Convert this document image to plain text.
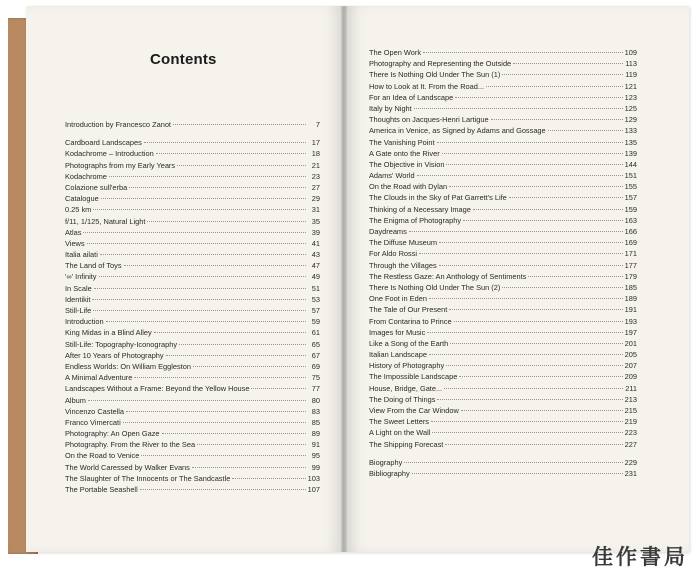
Contents
Introduction by Francesco Zanot	7
Cardboard Landscapes	17
Kodachrome – Introduction	18
Photographs from my Early Years	21
Kodachrome	23
Colazione sull'erba	27
Catalogue	29
0.25 km	31
f/11, 1/125, Natural Light	35
Atlas	39
Views	41
Italia ailati	43
The Land of Toys	47
'∞' Infinity	49
In Scale	51
Identikit	53
Still-Life	57
Introduction	59
King Midas in a Blind Alley	61
Still-Life: Topography-Iconography	65
After 10 Years of Photography	67
Endless Worlds: On William Eggleston	69
A Minimal Adventure	75
Landscapes Without a Frame: Beyond the Yellow House	77
Album	80
Vincenzo Castella	83
Franco Vimercati	85
Photography: An Open Gaze	89
Photography. From the River to the Sea	91
On the Road to Venice	95
The World Caressed by Walker Evans	99
The Slaughter of The Innocents or The Sandcastle	103
The Portable Seashell	107
The Open Work	109
Photography and Representing the Outside	113
There Is Nothing Old Under The Sun (1)	119
How to Look at It. From the Road...	121
For an Idea of Landscape	123
Italy by Night	125
Thoughts on Jacques-Henri Lartigue	129
America in Venice, as Signed by Adams and Gossage	133
The Vanishing Point	135
A Gate onto the River	139
The Objective in Vision	144
Adams' World	151
On the Road with Dylan	155
The Clouds in the Sky of Pat Garrett's Life	157
Thinking of a Necessary Image	159
The Enigma of Photography	163
Daydreams	166
The Diffuse Museum	169
For Aldo Rossi	171
Through the Villages	177
The Restless Gaze: An Anthology of Sentiments	179
There Is Nothing Old Under The Sun (2)	185
One Foot in Eden	189
The Tale of Our Present	191
From Contarina to Prince	193
Images for Music	197
Like a Song of the Earth	201
Italian Landscape	205
History of Photography	207
The Impossible Landscape	209
House, Bridge, Gate...	211
The Doing of Things	213
View From the Car Window	215
The Sweet Letters	219
A Light on the Wall	223
The Shipping Forecast	227
Biography	229
Bibliography	231
佳作書局
